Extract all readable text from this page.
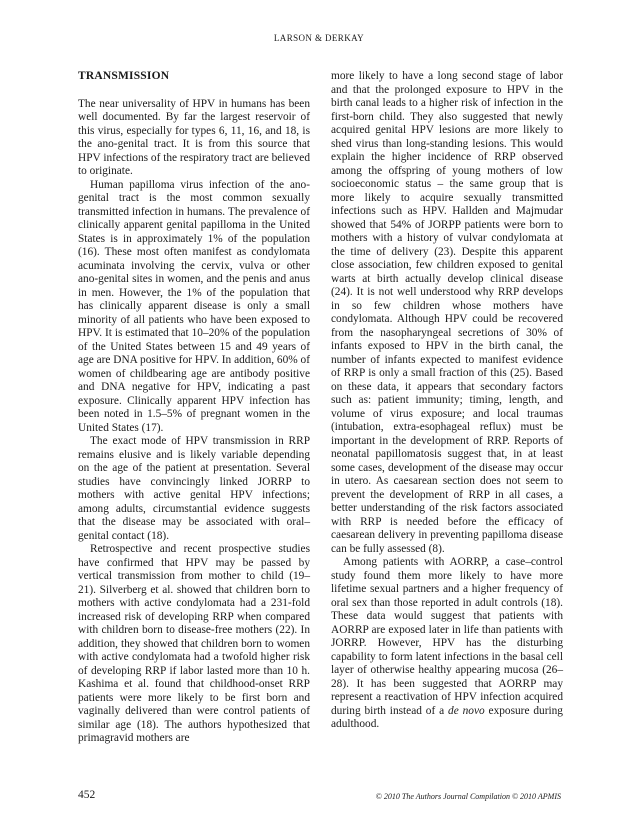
LARSON & DERKAY
TRANSMISSION

The near universality of HPV in humans has been well documented. By far the largest reservoir of this virus, especially for types 6, 11, 16, and 18, is the ano-genital tract. It is from this source that HPV infections of the respiratory tract are believed to originate.

Human papilloma virus infection of the ano-genital tract is the most common sexually transmitted infection in humans. The prevalence of clinically apparent genital papilloma in the United States is in approximately 1% of the population (16). These most often manifest as condylomata acuminata involving the cervix, vulva or other ano-genital sites in women, and the penis and anus in men. However, the 1% of the population that has clinically apparent disease is only a small minority of all patients who have been exposed to HPV. It is estimated that 10–20% of the population of the United States between 15 and 49 years of age are DNA positive for HPV. In addition, 60% of women of childbearing age are antibody positive and DNA negative for HPV, indicating a past exposure. Clinically apparent HPV infection has been noted in 1.5–5% of pregnant women in the United States (17).

The exact mode of HPV transmission in RRP remains elusive and is likely variable depending on the age of the patient at presentation. Several studies have convincingly linked JORRP to mothers with active genital HPV infections; among adults, circumstantial evidence suggests that the disease may be associated with oral–genital contact (18).

Retrospective and recent prospective studies have confirmed that HPV may be passed by vertical transmission from mother to child (19–21). Silverberg et al. showed that children born to mothers with active condylomata had a 231-fold increased risk of developing RRP when compared with children born to disease-free mothers (22). In addition, they showed that children born to women with active condylomata had a twofold higher risk of developing RRP if labor lasted more than 10 h. Kashima et al. found that childhood-onset RRP patients were more likely to be first born and vaginally delivered than were control patients of similar age (18). The authors hypothesized that primagravid mothers are

more likely to have a long second stage of labor and that the prolonged exposure to HPV in the birth canal leads to a higher risk of infection in the first-born child. They also suggested that newly acquired genital HPV lesions are more likely to shed virus than long-standing lesions. This would explain the higher incidence of RRP observed among the offspring of young mothers of low socioeconomic status – the same group that is more likely to acquire sexually transmitted infections such as HPV. Hallden and Majmudar showed that 54% of JORPP patients were born to mothers with a history of vulvar condylomata at the time of delivery (23). Despite this apparent close association, few children exposed to genital warts at birth actually develop clinical disease (24). It is not well understood why RRP develops in so few children whose mothers have condylomata. Although HPV could be recovered from the nasopharyngeal secretions of 30% of infants exposed to HPV in the birth canal, the number of infants expected to manifest evidence of RRP is only a small fraction of this (25). Based on these data, it appears that secondary factors such as: patient immunity; timing, length, and volume of virus exposure; and local traumas (intubation, extra-esophageal reflux) must be important in the development of RRP. Reports of neonatal papillomatosis suggest that, in at least some cases, development of the disease may occur in utero. As caesarean section does not seem to prevent the development of RRP in all cases, a better understanding of the risk factors associated with RRP is needed before the efficacy of caesarean delivery in preventing papilloma disease can be fully assessed (8).

Among patients with AORRP, a case–control study found them more likely to have more lifetime sexual partners and a higher frequency of oral sex than those reported in adult controls (18). These data would suggest that patients with AORRP are exposed later in life than patients with JORRP. However, HPV has the disturbing capability to form latent infections in the basal cell layer of otherwise healthy appearing mucosa (26–28). It has been suggested that AORRP may represent a reactivation of HPV infection acquired during birth instead of a de novo exposure during adulthood.

452	© 2010 The Authors Journal Compilation © 2010 APMIS
